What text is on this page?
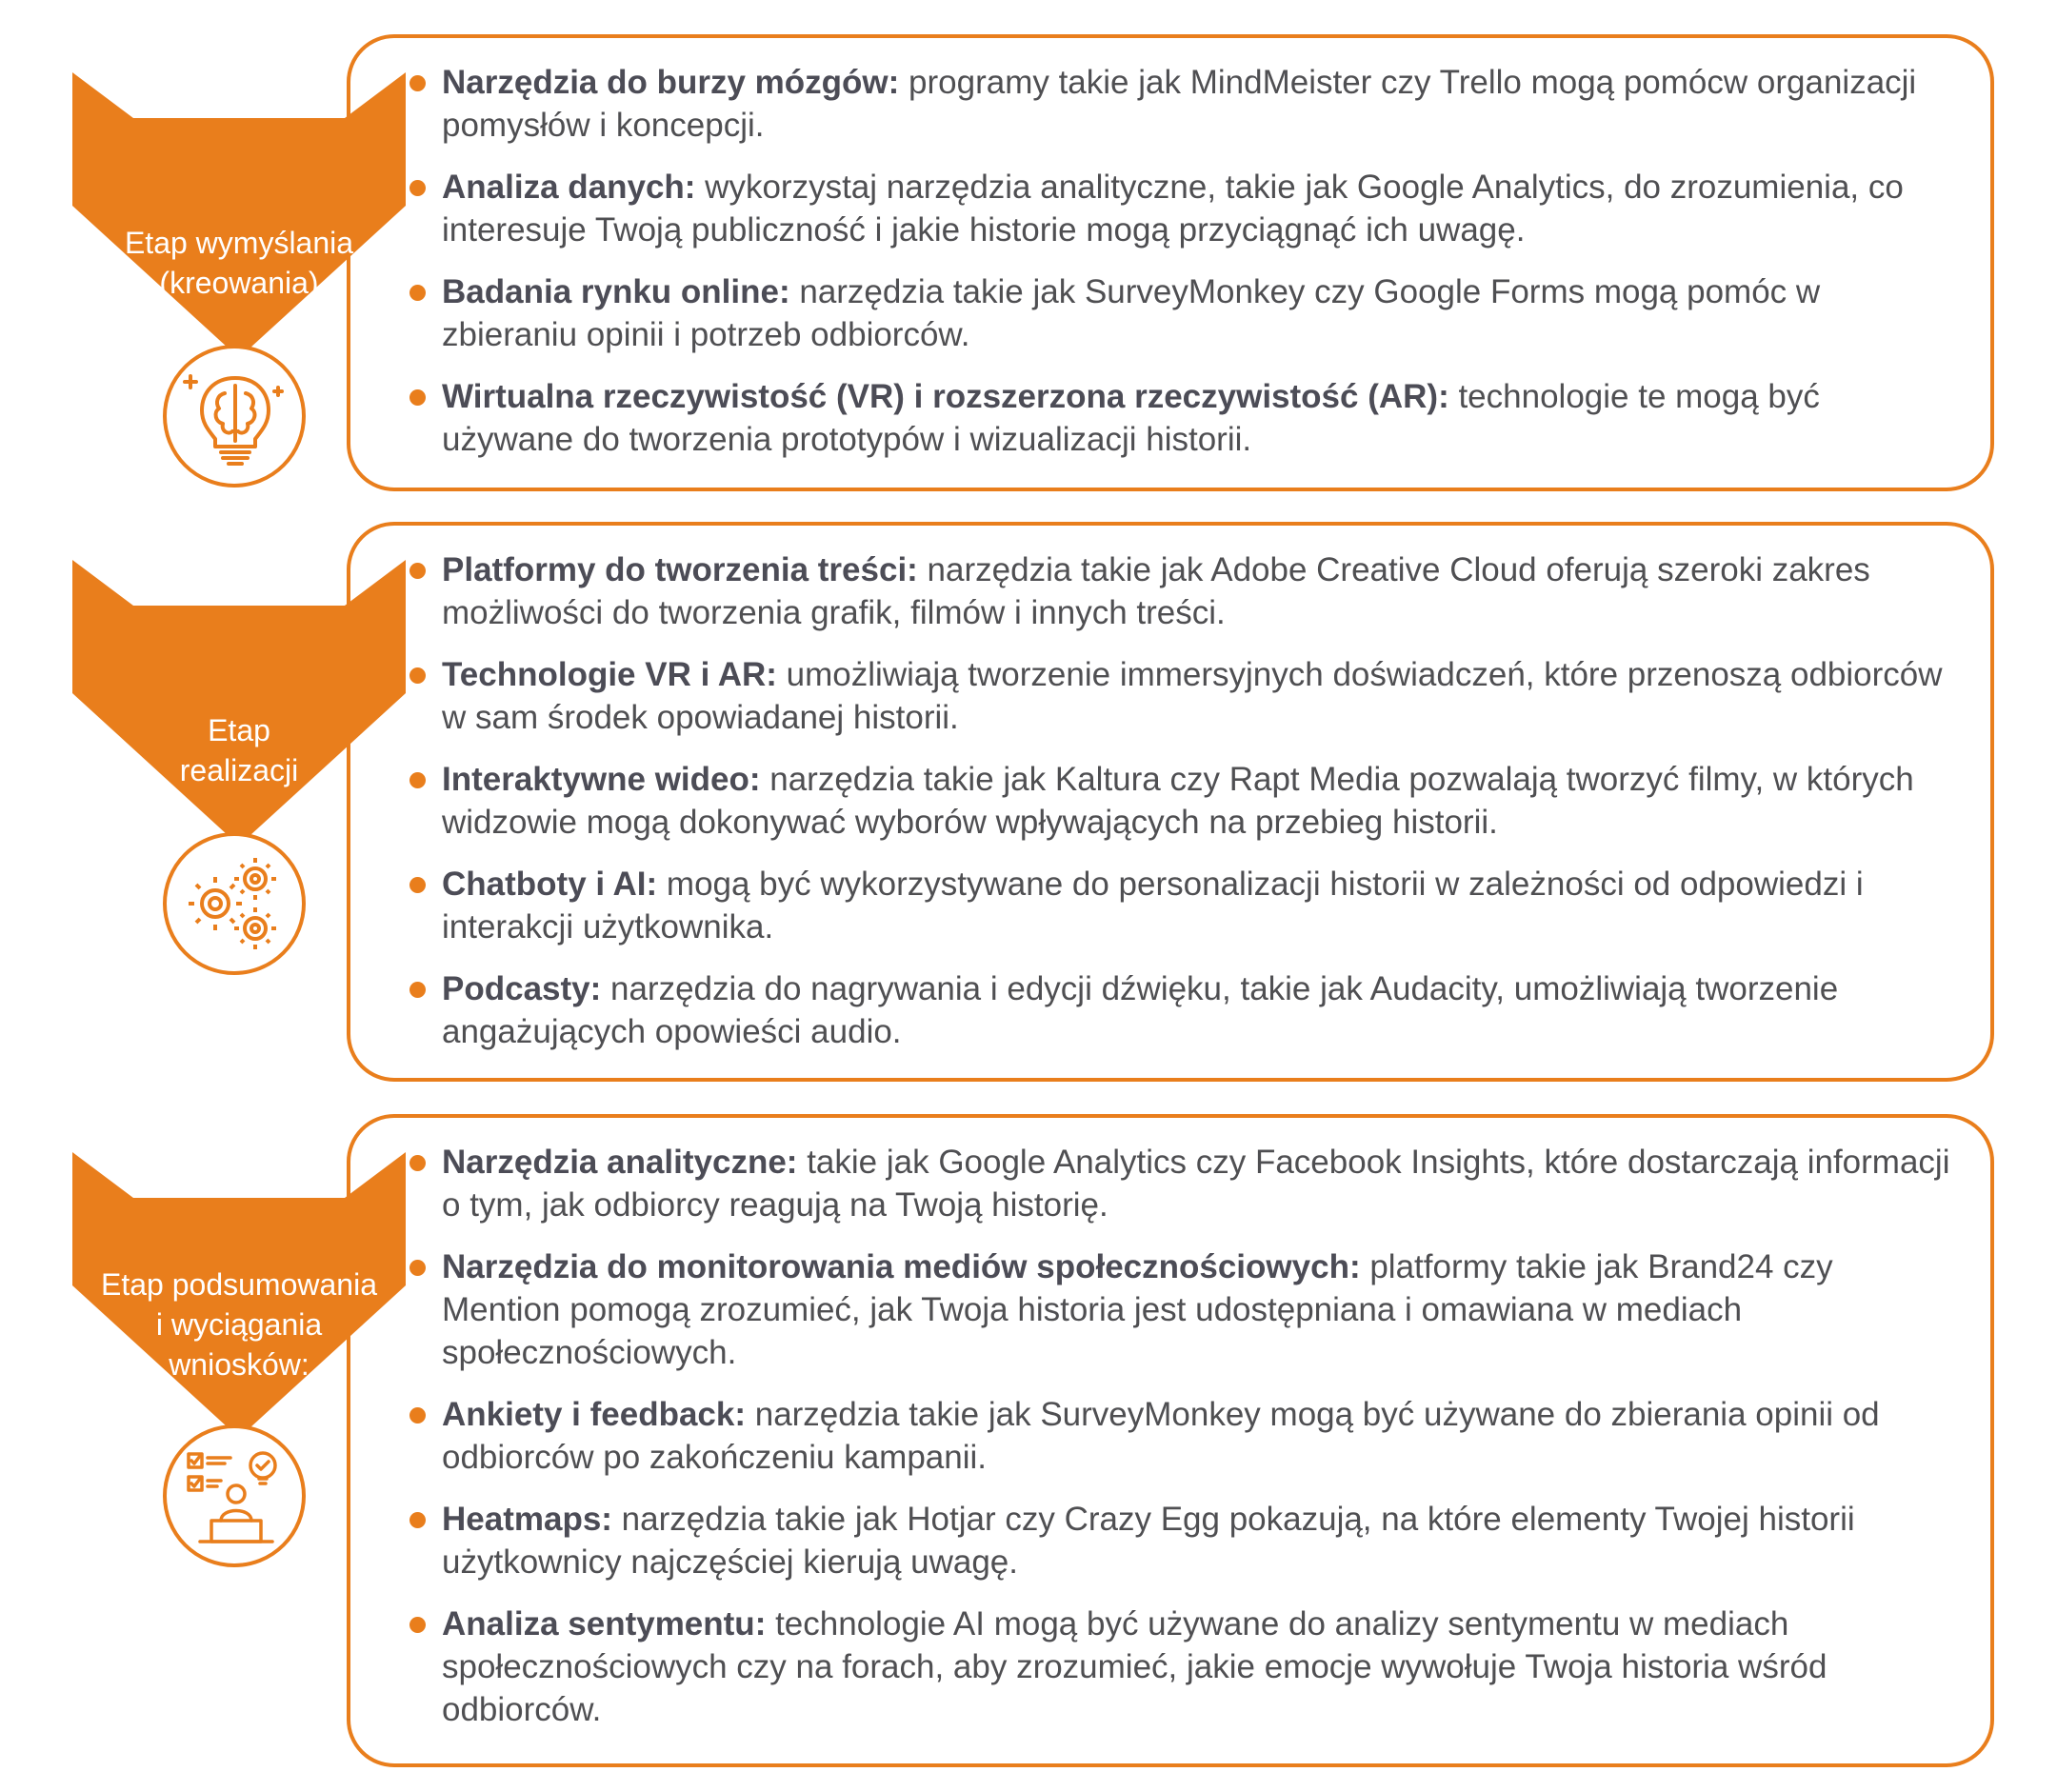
Narzędzia do burzy mózgów: programy takie jak MindMeister czy Trello mogą pomócw organizacji pomysłów i koncepcji.
Analiza danych: wykorzystaj narzędzia analityczne, takie jak Google Analytics, do zrozumienia, co interesuje Twoją publiczność i jakie historie mogą przyciągnąć ich uwagę.
Badania rynku online: narzędzia takie jak SurveyMonkey czy Google Forms mogą pomóc w zbieraniu opinii i potrzeb odbiorców.
Wirtualna rzeczywistość (VR) i rozszerzona rzeczywistość (AR): technologie te mogą być używane do tworzenia prototypów i wizualizacji historii.
Etap wymyślania
(kreowania)
Platformy do tworzenia treści: narzędzia takie jak Adobe Creative Cloud oferują szeroki zakres możliwości do tworzenia grafik, filmów i innych treści.
Technologie VR i AR: umożliwiają tworzenie immersyjnych doświadczeń, które przenoszą odbiorców w sam środek opowiadanej historii.
Interaktywne wideo: narzędzia takie jak Kaltura czy Rapt Media pozwalają tworzyć filmy, w których widzowie mogą dokonywać wyborów wpływających na przebieg historii.
Chatboty i AI: mogą być wykorzystywane do personalizacji historii w zależności od odpowiedzi i interakcji użytkownika.
Podcasty: narzędzia do nagrywania i edycji dźwięku, takie jak Audacity, umożliwiają tworzenie angażujących opowieści audio.
Etap
realizacji
Narzędzia analityczne: takie jak Google Analytics czy Facebook Insights, które dostarczają informacji o tym, jak odbiorcy reagują na Twoją historię.
Narzędzia do monitorowania mediów społecznościowych: platformy takie jak Brand24 czy Mention pomogą zrozumieć, jak Twoja historia jest udostępniana i omawiana w mediach społecznościowych.
Ankiety i feedback: narzędzia takie jak SurveyMonkey mogą być używane do zbierania opinii od odbiorców po zakończeniu kampanii.
Heatmaps: narzędzia takie jak Hotjar czy Crazy Egg pokazują, na które elementy Twojej historii użytkownicy najczęściej kierują uwagę.
Analiza sentymentu: technologie AI mogą być używane do analizy sentymentu w mediach społecznościowych czy na forach, aby zrozumieć, jakie emocje wywołuje Twoja historia wśród odbiorców.
Etap podsumowania
i wyciągania
wniosków:
